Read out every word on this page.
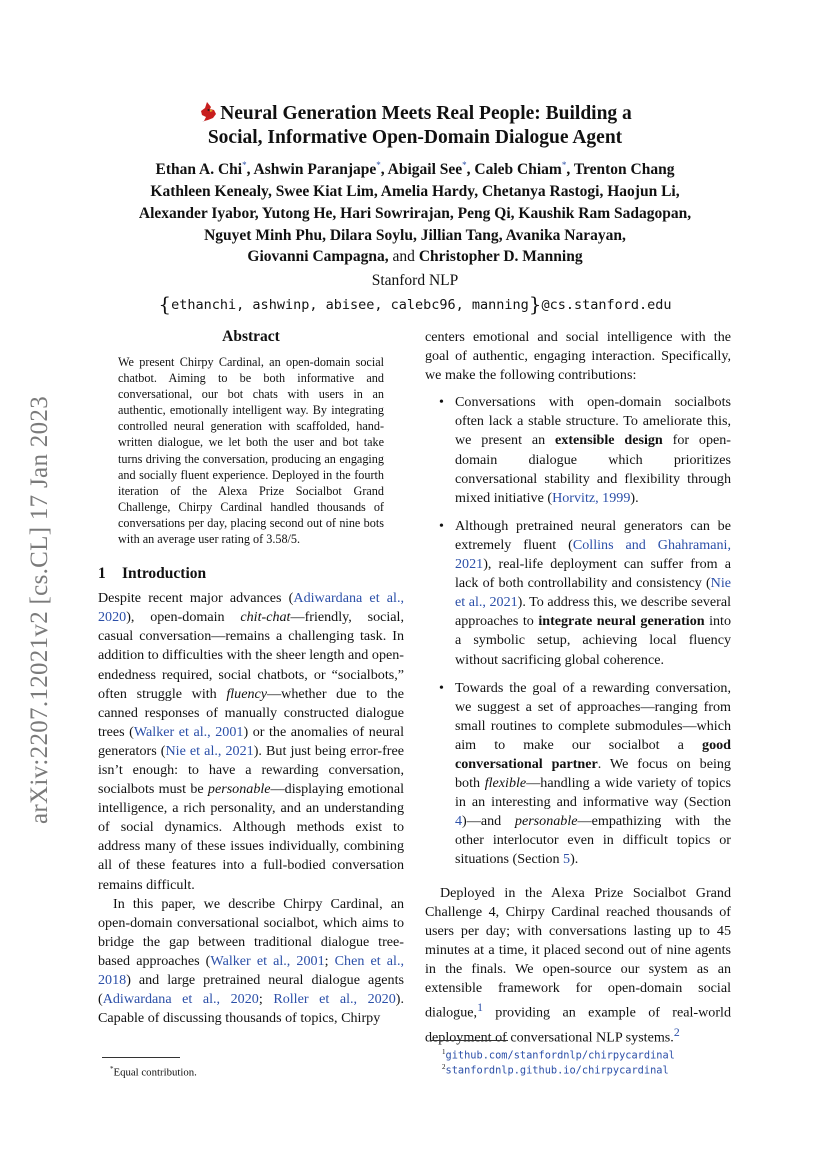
arXiv:2207.12021v2 [cs.CL] 17 Jan 2023

Neural Generation Meets Real People: Building a
Social, Informative Open-Domain Dialogue Agent

Ethan A. Chi*, Ashwin Paranjape*, Abigail See*, Caleb Chiam*, Trenton Chang
Kathleen Kenealy, Swee Kiat Lim, Amelia Hardy, Chetanya Rastogi, Haojun Li,
Alexander Iyabor, Yutong He, Hari Sowrirajan, Peng Qi, Kaushik Ram Sadagopan,
Nguyet Minh Phu, Dilara Soylu, Jillian Tang, Avanika Narayan,
Giovanni Campagna, and Christopher D. Manning
Stanford NLP
{ethanchi, ashwinp, abisee, calebc96, manning}@cs.stanford.edu
Abstract

We present Chirpy Cardinal, an open-domain social chatbot. Aiming to be both informative and conversational, our bot chats with users in an authentic, emotionally intelligent way. By integrating controlled neural generation with scaffolded, hand-written dialogue, we let both the user and bot take turns driving the conversation, producing an engaging and socially fluent experience. Deployed in the fourth iteration of the Alexa Prize Socialbot Grand Challenge, Chirpy Cardinal handled thousands of conversations per day, placing second out of nine bots with an average user rating of 3.58/5.

1 Introduction

Despite recent major advances (Adiwardana et al., 2020), open-domain chit-chat—friendly, social, casual conversation—remains a challenging task. In addition to difficulties with the sheer length and open-endedness required, social chatbots, or “socialbots,” often struggle with fluency—whether due to the canned responses of manually constructed dialogue trees (Walker et al., 2001) or the anomalies of neural generators (Nie et al., 2021). But just being error-free isn’t enough: to have a rewarding conversation, socialbots must be personable—displaying emotional intelligence, a rich personality, and an understanding of social dynamics. Although methods exist to address many of these issues individually, combining all of these features into a full-bodied conversation remains difficult.

In this paper, we describe Chirpy Cardinal, an open-domain conversational socialbot, which aims to bridge the gap between traditional dialogue tree-based approaches (Walker et al., 2001; Chen et al., 2018) and large pretrained neural dialogue agents (Adiwardana et al., 2020; Roller et al., 2020). Capable of discussing thousands of topics, Chirpy

centers emotional and social intelligence with the goal of authentic, engaging interaction. Specifically, we make the following contributions:

• Conversations with open-domain socialbots often lack a stable structure. To ameliorate this, we present an extensible design for open-domain dialogue which prioritizes conversational stability and flexibility through mixed initiative (Horvitz, 1999).
• Although pretrained neural generators can be extremely fluent (Collins and Ghahramani, 2021), real-life deployment can suffer from a lack of both controllability and consistency (Nie et al., 2021). To address this, we describe several approaches to integrate neural generation into a symbolic setup, achieving local fluency without sacrificing global coherence.
• Towards the goal of a rewarding conversation, we suggest a set of approaches—ranging from small routines to complete submodules—which aim to make our socialbot a good conversational partner. We focus on being both flexible—handling a wide variety of topics in an interesting and informative way (Section 4)—and personable—empathizing with the other interlocutor even in difficult topics or situations (Section 5).

Deployed in the Alexa Prize Socialbot Grand Challenge 4, Chirpy Cardinal reached thousands of users per day; with conversations lasting up to 45 minutes at a time, it placed second out of nine agents in the finals. We open-source our system as an extensible framework for open-domain social dialogue,$^1$ providing an example of real-world deployment of conversational NLP systems.$^2$

*Equal contribution.
$^1$github.com/stanfordnlp/chirpycardinal
$^2$stanfordnlp.github.io/chirpycardinal
